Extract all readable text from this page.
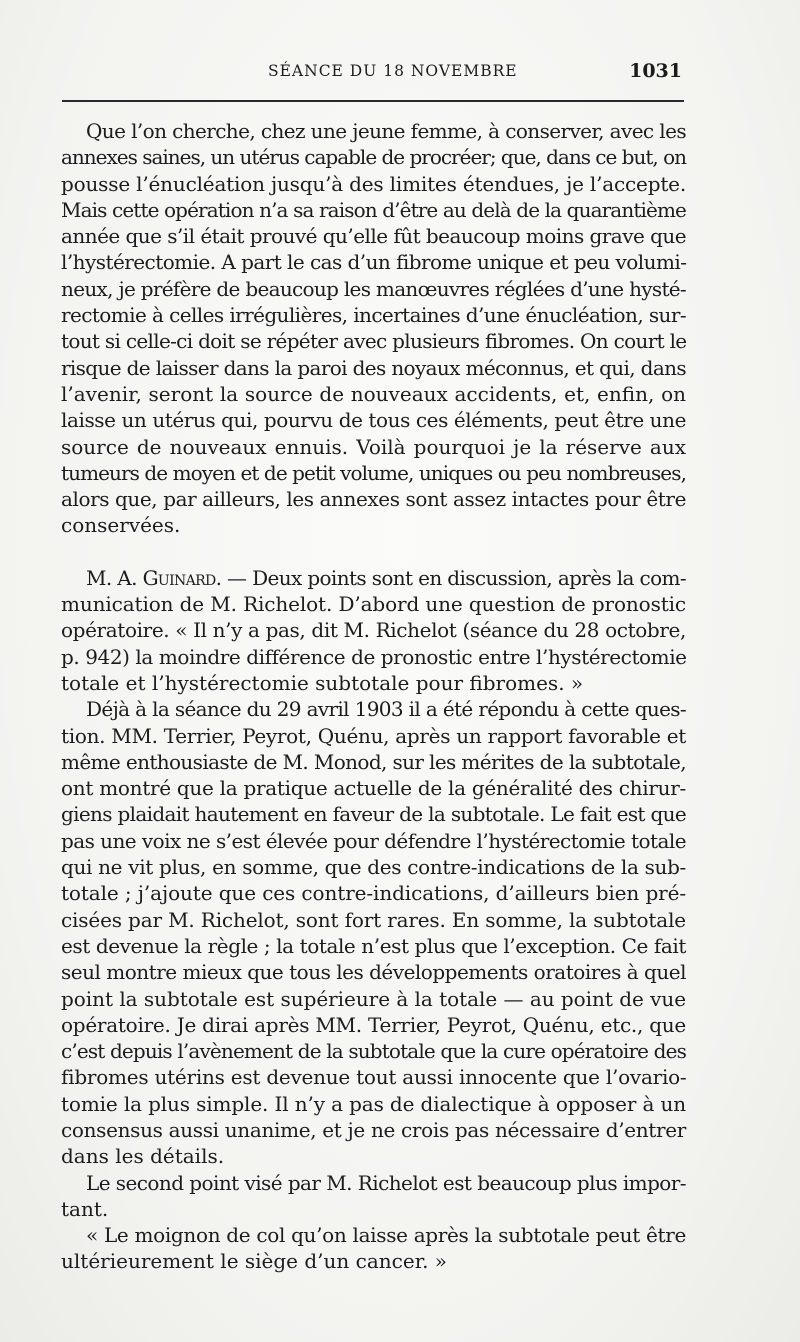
SÉANCE DU 18 NOVEMBRE	1031
Que l’on cherche, chez une jeune femme, à conserver, avec les
annexes saines, un utérus capable de procréer; que, dans ce but, on
pousse l’énucléation jusqu’à des limites étendues, je l’accepte.
Mais cette opération n’a sa raison d’être au delà de la quarantième
année que s’il était prouvé qu’elle fût beaucoup moins grave que
l’hystérectomie. A part le cas d’un fibrome unique et peu volumi-
neux, je préfère de beaucoup les manœuvres réglées d’une hysté-
rectomie à celles irrégulières, incertaines d’une énucléation, sur-
tout si celle-ci doit se répéter avec plusieurs fibromes. On court le
risque de laisser dans la paroi des noyaux méconnus, et qui, dans
l’avenir, seront la source de nouveaux accidents, et, enfin, on
laisse un utérus qui, pourvu de tous ces éléments, peut être une
source de nouveaux ennuis. Voilà pourquoi je la réserve aux
tumeurs de moyen et de petit volume, uniques ou peu nombreuses,
alors que, par ailleurs, les annexes sont assez intactes pour être
conservées.
M. A. Guinard. — Deux points sont en discussion, après la com-
munication de M. Richelot. D’abord une question de pronostic
opératoire. « Il n’y a pas, dit M. Richelot (séance du 28 octobre,
p. 942) la moindre différence de pronostic entre l’hystérectomie
totale et l’hystérectomie subtotale pour fibromes. »
Déjà à la séance du 29 avril 1903 il a été répondu à cette ques-
tion. MM. Terrier, Peyrot, Quénu, après un rapport favorable et
même enthousiaste de M. Monod, sur les mérites de la subtotale,
ont montré que la pratique actuelle de la généralité des chirur-
giens plaidait hautement en faveur de la subtotale. Le fait est que
pas une voix ne s’est élevée pour défendre l’hystérectomie totale
qui ne vit plus, en somme, que des contre-indications de la sub-
totale ; j’ajoute que ces contre-indications, d’ailleurs bien pré-
cisées par M. Richelot, sont fort rares. En somme, la subtotale
est devenue la règle ; la totale n’est plus que l’exception. Ce fait
seul montre mieux que tous les développements oratoires à quel
point la subtotale est supérieure à la totale — au point de vue
opératoire. Je dirai après MM. Terrier, Peyrot, Quénu, etc., que
c’est depuis l’avènement de la subtotale que la cure opératoire des
fibromes utérins est devenue tout aussi innocente que l’ovario-
tomie la plus simple. Il n’y a pas de dialectique à opposer à un
consensus aussi unanime, et je ne crois pas nécessaire d’entrer
dans les détails.
Le second point visé par M. Richelot est beaucoup plus impor-
tant.
« Le moignon de col qu’on laisse après la subtotale peut être
ultérieurement le siège d’un cancer. »
